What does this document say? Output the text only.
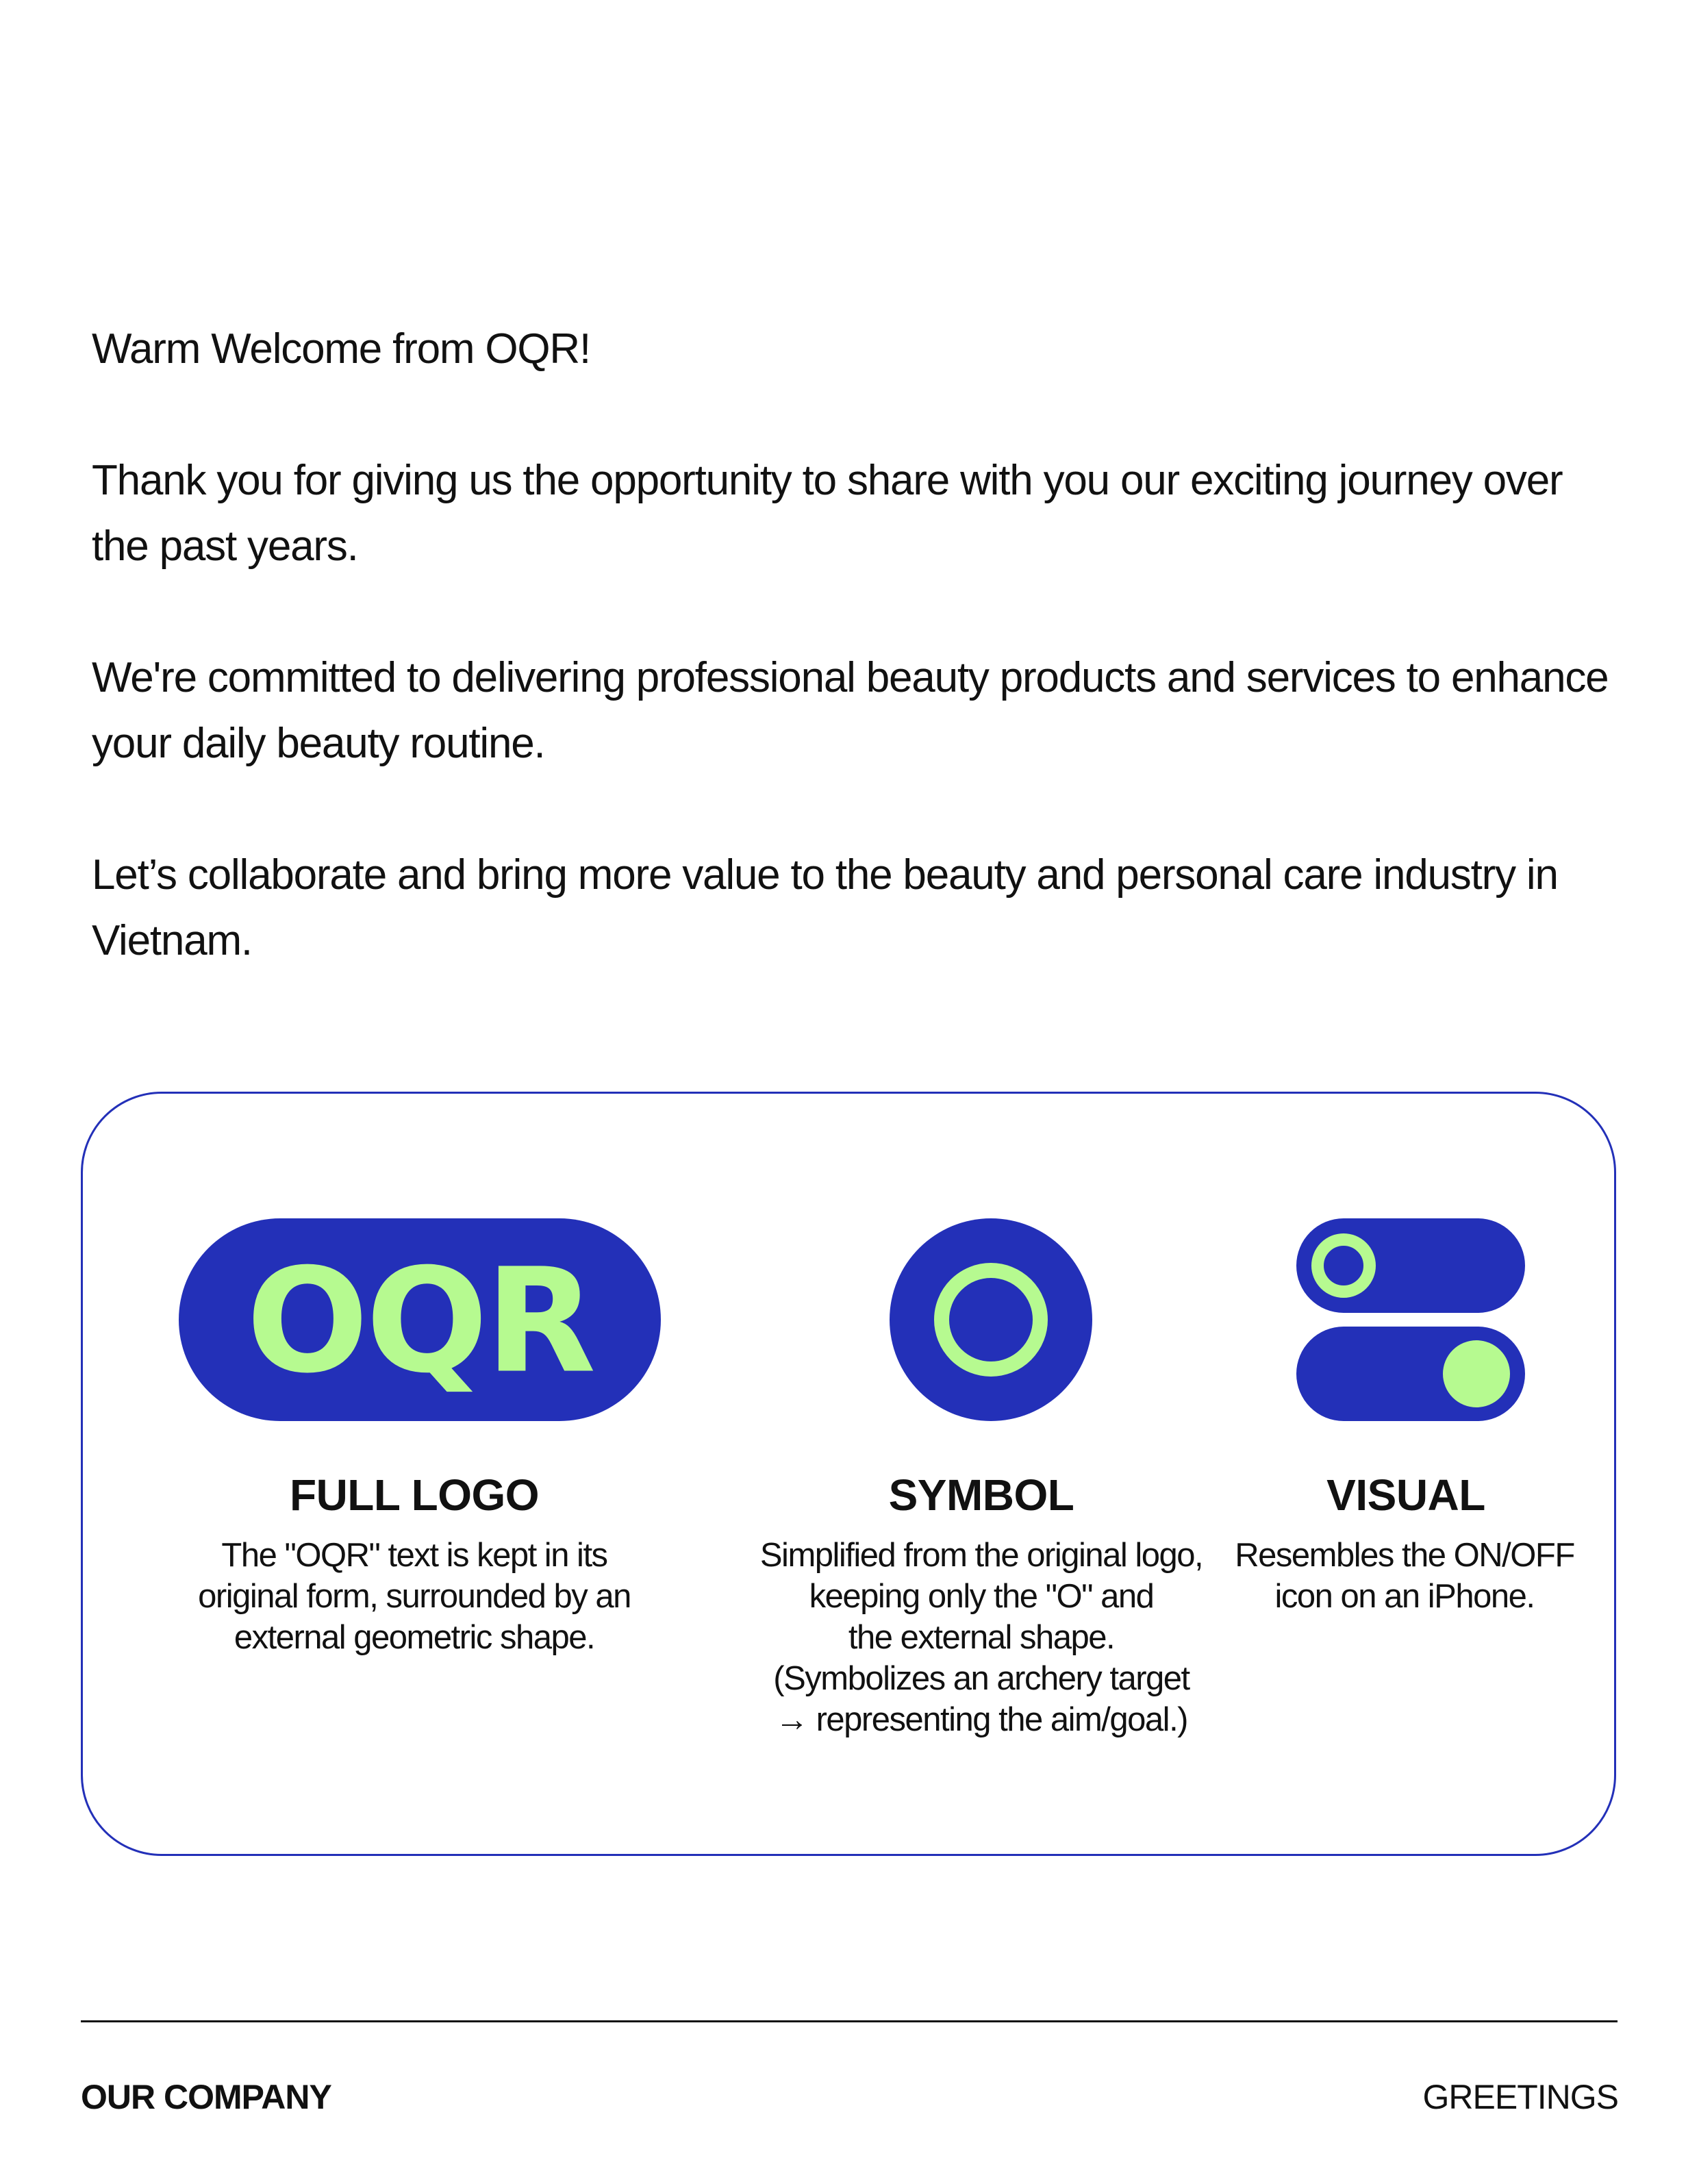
Warm Welcome from OQR!

Thank you for giving us the opportunity to share with you our exciting journey over the past years.

We're committed to delivering professional beauty products and services to enhance your daily beauty routine.

Let’s collaborate and bring more value to the beauty and personal care industry in Vietnam.

OQR
FULL LOGO
The "OQR" text is kept in its
original form, surrounded by an
external geometric shape.
SYMBOL
Simplified from the original logo,
keeping only the "O" and
the external shape.
(Symbolizes an archery target
→ representing the aim/goal.)
VISUAL
Resembles the ON/OFF
icon on an iPhone.
OUR COMPANY	GREETINGS
